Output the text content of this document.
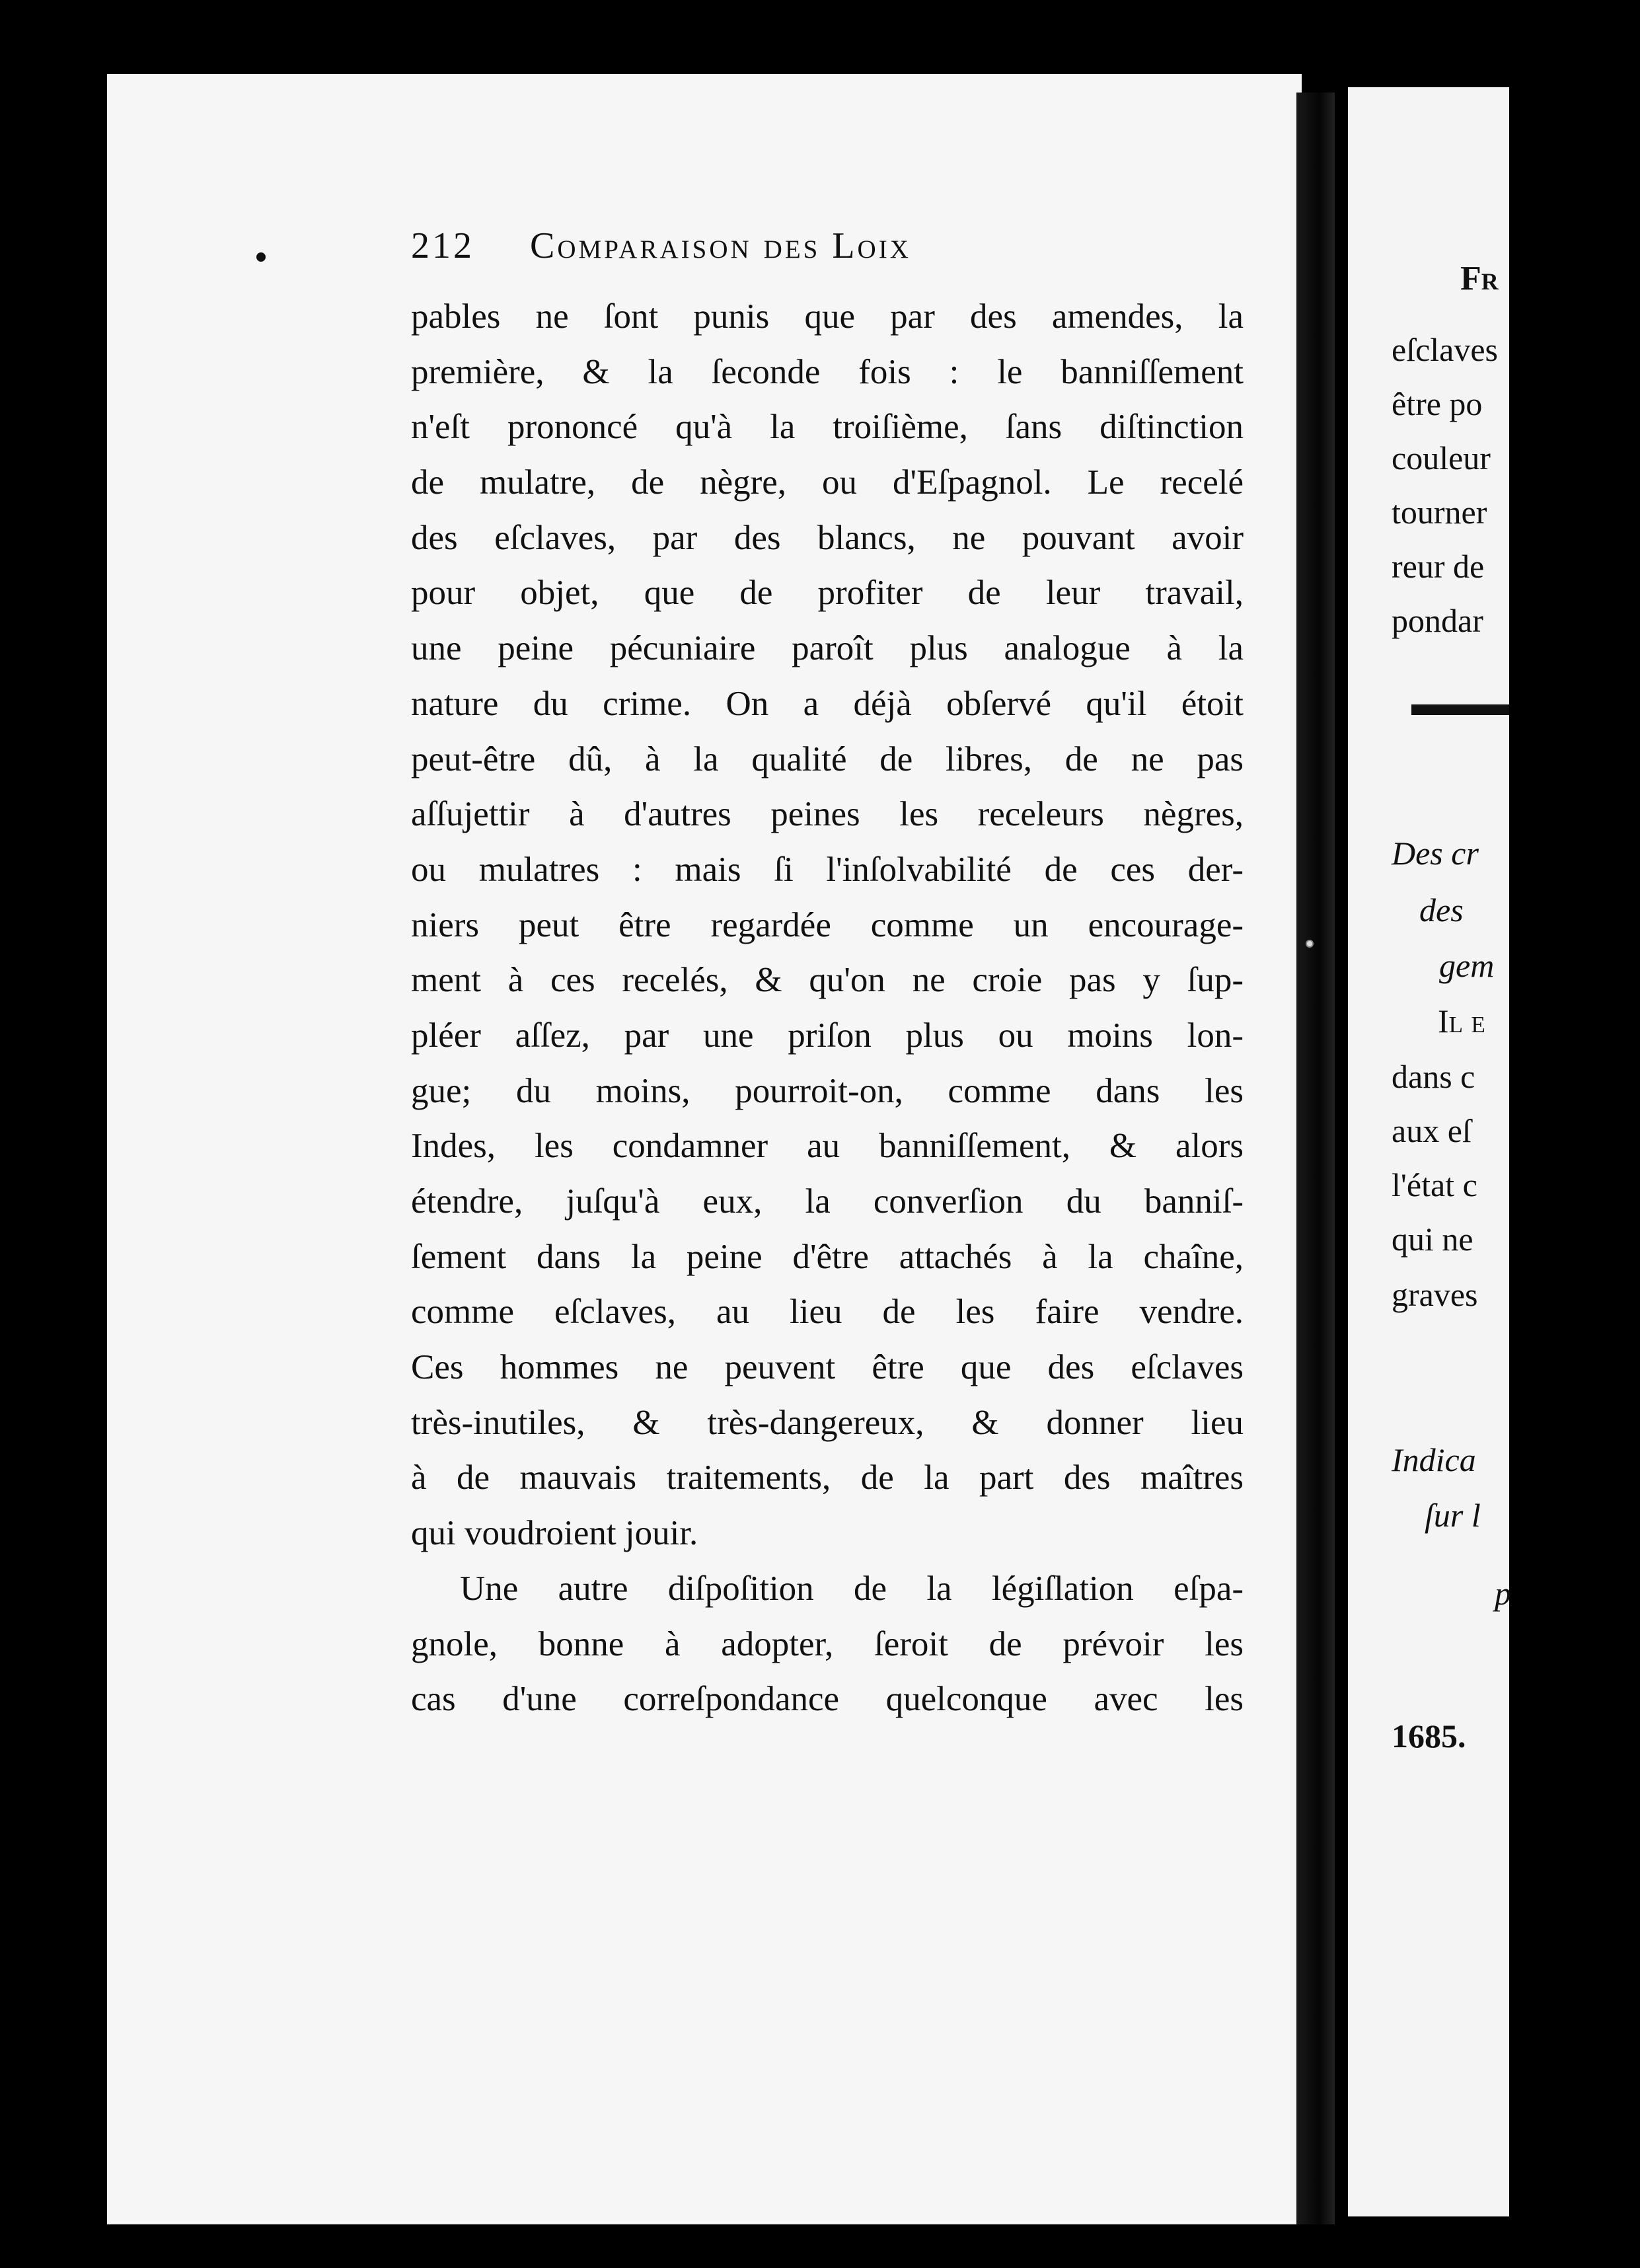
212 Comparaison des Loix
pables ne ſont punis que par des amendes, la
première, & la ſeconde fois : le banniſſement
n'eſt prononcé qu'à la troiſième, ſans diſtinction
de mulatre, de nègre, ou d'Eſpagnol. Le recelé
des eſclaves, par des blancs, ne pouvant avoir
pour objet, que de profiter de leur travail,
une peine pécuniaire paroît plus analogue à la
nature du crime. On a déjà obſervé qu'il étoit
peut-être dû, à la qualité de libres, de ne pas
aſſujettir à d'autres peines les receleurs nègres,
ou mulatres : mais ſi l'inſolvabilité de ces der-
niers peut être regardée comme un encourage-
ment à ces recelés, & qu'on ne croie pas y ſup-
pléer aſſez, par une priſon plus ou moins lon-
gue; du moins, pourroit-on, comme dans les
Indes, les condamner au banniſſement, & alors
étendre, juſqu'à eux, la converſion du banniſ-
ſement dans la peine d'être attachés à la chaîne,
comme eſclaves, au lieu de les faire vendre.
Ces hommes ne peuvent être que des eſclaves
très-inutiles, & très-dangereux, & donner lieu
à de mauvais traitements, de la part des maîtres
qui voudroient jouir.
Une autre diſpoſition de la légiſlation eſpa-
gnole, bonne à adopter, ſeroit de prévoir les
cas d'une correſpondance quelconque avec les
Fr
eſclaves
être po
couleur
tourner
reur de
pondar
Des cr
des
gem
Il e
dans c
aux eſ
l'état c
qui ne
graves
Indica
ſur l
p
1685.
